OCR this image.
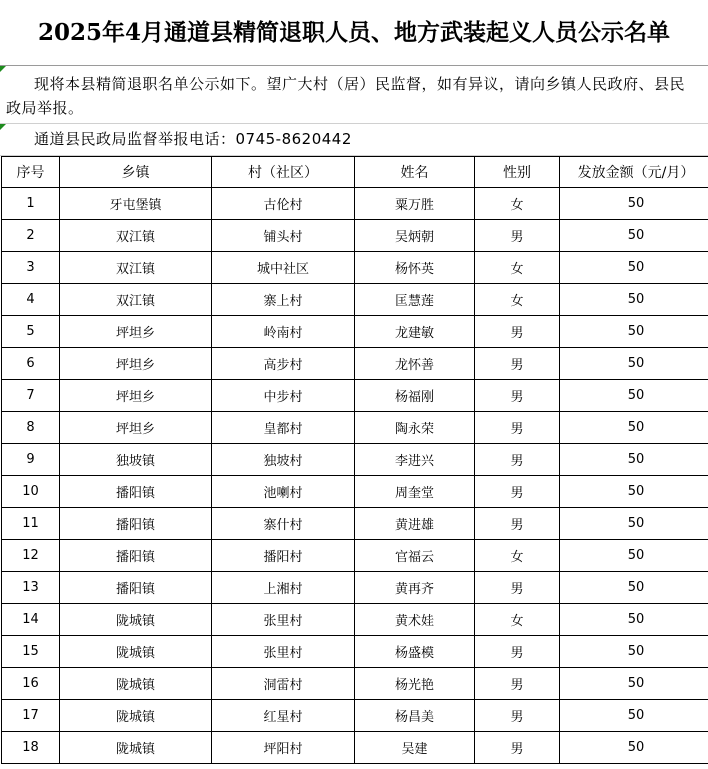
2025年4月通道县精简退职人员、地方武装起义人员公示名单
现将本县精简退职名单公示如下。望广大村（居）民监督，如有异议，请向乡镇人民政府、县民政局举报。
通道县民政局监督举报电话：0745-8620442
序号	乡镇	村（社区）	姓名	性别	发放金额（元/月）
1	牙屯堡镇	古伦村	粟万胜	女	50
2	双江镇	铺头村	吴炳朝	男	50
3	双江镇	城中社区	杨怀英	女	50
4	双江镇	寨上村	匡慧莲	女	50
5	坪坦乡	岭南村	龙建敏	男	50
6	坪坦乡	高步村	龙怀善	男	50
7	坪坦乡	中步村	杨福刚	男	50
8	坪坦乡	皇都村	陶永荣	男	50
9	独坡镇	独坡村	李进兴	男	50
10	播阳镇	池喇村	周奎堂	男	50
11	播阳镇	寨什村	黄进雄	男	50
12	播阳镇	播阳村	官福云	女	50
13	播阳镇	上湘村	黄再齐	男	50
14	陇城镇	张里村	黄术娃	女	50
15	陇城镇	张里村	杨盛模	男	50
16	陇城镇	洞雷村	杨光艳	男	50
17	陇城镇	红星村	杨昌美	男	50
18	陇城镇	坪阳村	吴建	男	50
